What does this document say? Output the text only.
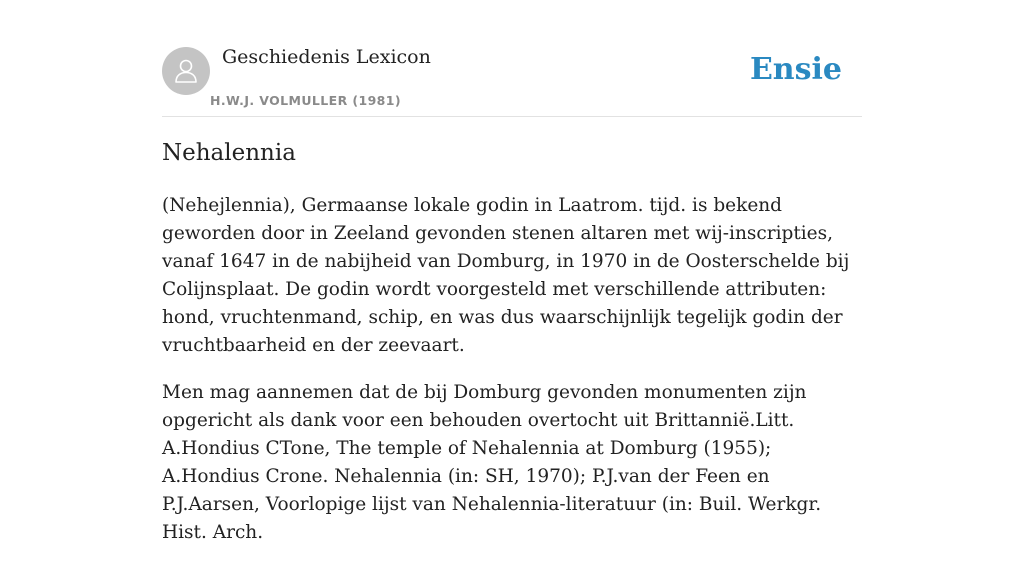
Geschiedenis Lexicon
H.W.J. VOLMULLER (1981)
Ensie
Nehalennia

(Nehejlennia), Germaanse lokale godin in Laatrom. tijd. is bekend geworden door in Zeeland gevonden stenen altaren met wij-inscripties, vanaf 1647 in de nabijheid van Domburg, in 1970 in de Oosterschelde bij Colijnsplaat. De godin wordt voorgesteld met verschillende attributen: hond, vruchtenmand, schip, en was dus waarschijnlijk tegelijk godin der vruchtbaarheid en der zeevaart.

Men mag aannemen dat de bij Domburg gevonden monumenten zijn opgericht als dank voor een behouden overtocht uit Brittannië.Litt. A.Hondius CTone, The temple of Nehalennia at Domburg (1955); A.Hondius Crone. Nehalennia (in: SH, 1970); P.J.van der Feen en P.J.Aarsen, Voorlopige lijst van Nehalennia-literatuur (in: Buil. Werkgr. Hist. Arch.
